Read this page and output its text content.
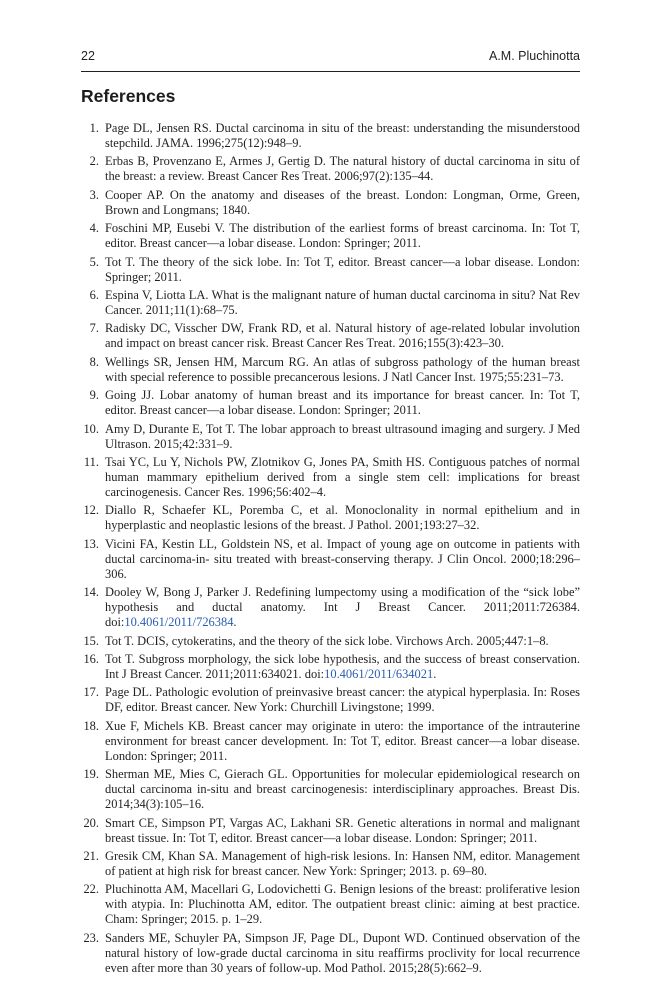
22	A.M. Pluchinotta
References
1. Page DL, Jensen RS. Ductal carcinoma in situ of the breast: understanding the misunderstood stepchild. JAMA. 1996;275(12):948–9.
2. Erbas B, Provenzano E, Armes J, Gertig D. The natural history of ductal carcinoma in situ of the breast: a review. Breast Cancer Res Treat. 2006;97(2):135–44.
3. Cooper AP. On the anatomy and diseases of the breast. London: Longman, Orme, Green, Brown and Longmans; 1840.
4. Foschini MP, Eusebi V. The distribution of the earliest forms of breast carcinoma. In: Tot T, editor. Breast cancer—a lobar disease. London: Springer; 2011.
5. Tot T. The theory of the sick lobe. In: Tot T, editor. Breast cancer—a lobar disease. London: Springer; 2011.
6. Espina V, Liotta LA. What is the malignant nature of human ductal carcinoma in situ? Nat Rev Cancer. 2011;11(1):68–75.
7. Radisky DC, Visscher DW, Frank RD, et al. Natural history of age-related lobular involution and impact on breast cancer risk. Breast Cancer Res Treat. 2016;155(3):423–30.
8. Wellings SR, Jensen HM, Marcum RG. An atlas of subgross pathology of the human breast with special reference to possible precancerous lesions. J Natl Cancer Inst. 1975;55:231–73.
9. Going JJ. Lobar anatomy of human breast and its importance for breast cancer. In: Tot T, editor. Breast cancer—a lobar disease. London: Springer; 2011.
10. Amy D, Durante E, Tot T. The lobar approach to breast ultrasound imaging and surgery. J Med Ultrason. 2015;42:331–9.
11. Tsai YC, Lu Y, Nichols PW, Zlotnikov G, Jones PA, Smith HS. Contiguous patches of normal human mammary epithelium derived from a single stem cell: implications for breast carcinogenesis. Cancer Res. 1996;56:402–4.
12. Diallo R, Schaefer KL, Poremba C, et al. Monoclonality in normal epithelium and in hyperplastic and neoplastic lesions of the breast. J Pathol. 2001;193:27–32.
13. Vicini FA, Kestin LL, Goldstein NS, et al. Impact of young age on outcome in patients with ductal carcinoma-in- situ treated with breast-conserving therapy. J Clin Oncol. 2000;18:296–306.
14. Dooley W, Bong J, Parker J. Redefining lumpectomy using a modification of the “sick lobe” hypothesis and ductal anatomy. Int J Breast Cancer. 2011;2011:726384. doi:10.4061/2011/726384.
15. Tot T. DCIS, cytokeratins, and the theory of the sick lobe. Virchows Arch. 2005;447:1–8.
16. Tot T. Subgross morphology, the sick lobe hypothesis, and the success of breast conservation. Int J Breast Cancer. 2011;2011:634021. doi:10.4061/2011/634021.
17. Page DL. Pathologic evolution of preinvasive breast cancer: the atypical hyperplasia. In: Roses DF, editor. Breast cancer. New York: Churchill Livingstone; 1999.
18. Xue F, Michels KB. Breast cancer may originate in utero: the importance of the intrauterine environment for breast cancer development. In: Tot T, editor. Breast cancer—a lobar disease. London: Springer; 2011.
19. Sherman ME, Mies C, Gierach GL. Opportunities for molecular epidemiological research on ductal carcinoma in-situ and breast carcinogenesis: interdisciplinary approaches. Breast Dis. 2014;34(3):105–16.
20. Smart CE, Simpson PT, Vargas AC, Lakhani SR. Genetic alterations in normal and malignant breast tissue. In: Tot T, editor. Breast cancer—a lobar disease. London: Springer; 2011.
21. Gresik CM, Khan SA. Management of high-risk lesions. In: Hansen NM, editor. Management of patient at high risk for breast cancer. New York: Springer; 2013. p. 69–80.
22. Pluchinotta AM, Macellari G, Lodovichetti G. Benign lesions of the breast: proliferative lesion with atypia. In: Pluchinotta AM, editor. The outpatient breast clinic: aiming at best practice. Cham: Springer; 2015. p. 1–29.
23. Sanders ME, Schuyler PA, Simpson JF, Page DL, Dupont WD. Continued observation of the natural history of low-grade ductal carcinoma in situ reaffirms proclivity for local recurrence even after more than 30 years of follow-up. Mod Pathol. 2015;28(5):662–9.
